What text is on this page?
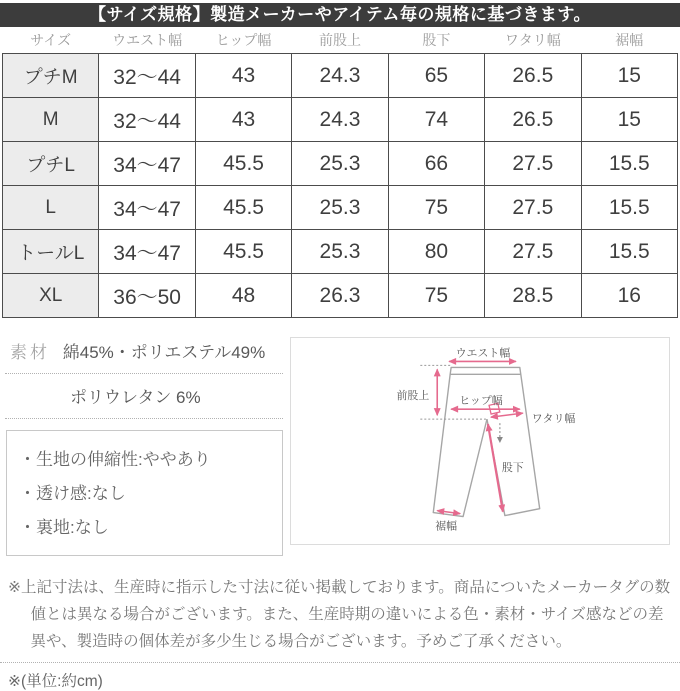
【サイズ規格】製造メーカーやアイテム毎の規格に基づきます。
サイズ	ウエスト幅	ヒップ幅	前股上	股下	ワタリ幅	裾幅
プチM	32〜44	43	24.3	65	26.5	15
M	32〜44	43	24.3	74	26.5	15
プチL	34〜47	45.5	25.3	66	27.5	15.5
L	34〜47	45.5	25.3	75	27.5	15.5
トールL	34〜47	45.5	25.3	80	27.5	15.5
XL	36〜50	48	26.3	75	28.5	16
素材 綿45%・ポリエステル49%
ポリウレタン 6%
・生地の伸縮性:ややあり
・透け感:なし
・裏地:なし
ウエスト幅
前股上	ヒップ幅
ワタリ幅
股下
裾幅
※上記寸法は、生産時に指示した寸法に従い掲載しております。商品についたメーカータグの数値とは異なる場合がございます。また、生産時期の違いによる色・素材・サイズ感などの差異や、製造時の個体差が多少生じる場合がございます。予めご了承ください。
※(単位:約cm)
